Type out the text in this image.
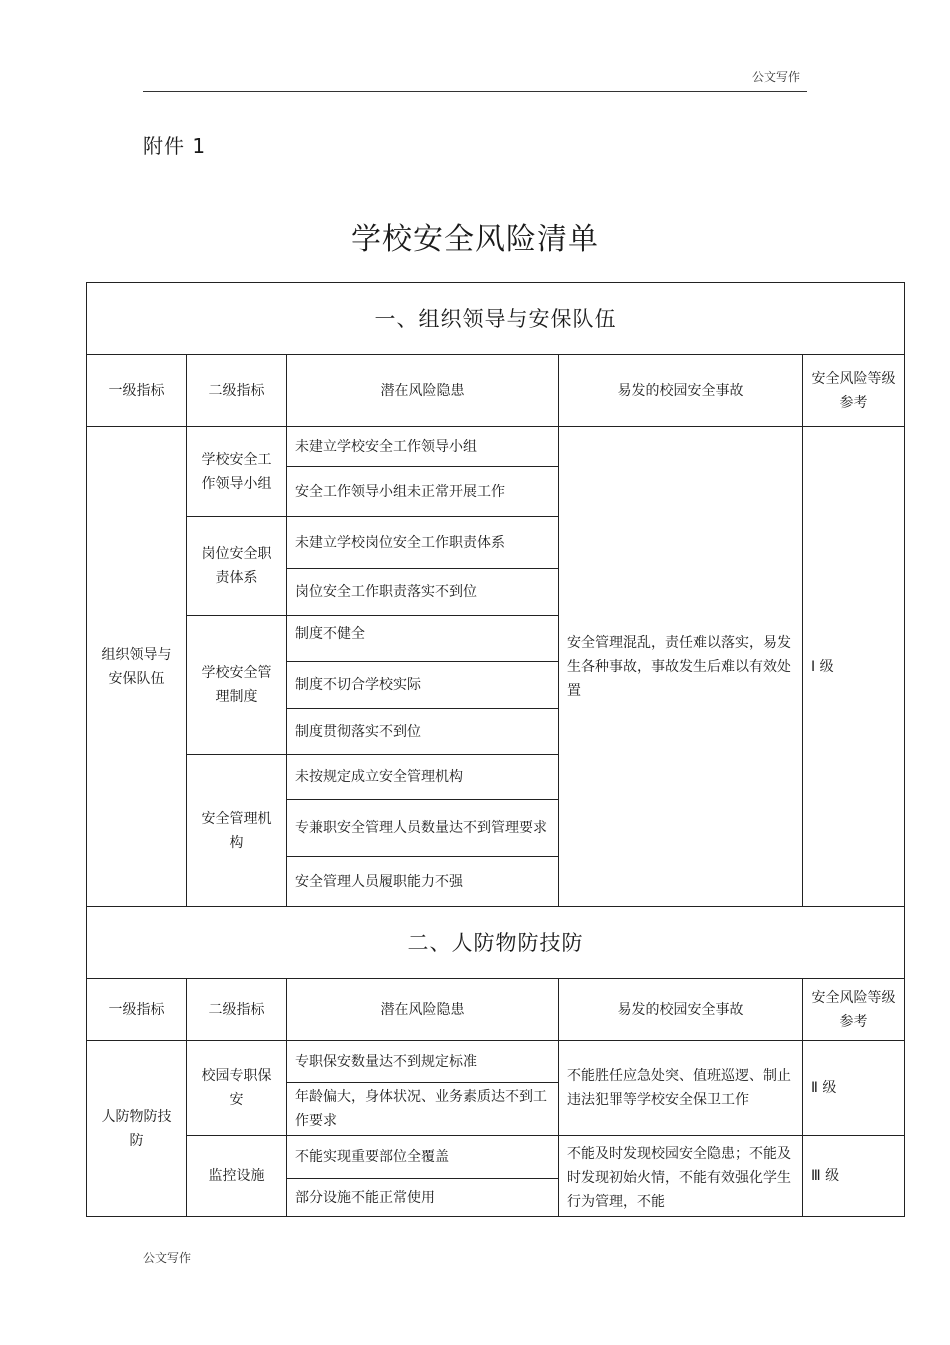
公文写作
附件 1
学校安全风险清单
一、组织领导与安保队伍				
一级指标	二级指标	潜在风险隐患	易发的校园安全事故	安全风险等级参考
组织领导与安保队伍	学校安全工作领导小组	未建立学校安全工作领导小组	安全管理混乱，责任难以落实，易发生各种事故，事故发生后难以有效处置	Ⅰ 级
		安全工作领导小组未正常开展工作		
	岗位安全职责体系	未建立学校岗位安全工作职责体系		
		岗位安全工作职责落实不到位		
	学校安全管理制度	制度不健全		
		制度不切合学校实际		
		制度贯彻落实不到位		
	安全管理机构	未按规定成立安全管理机构		
		专兼职安全管理人员数量达不到管理要求		
		安全管理人员履职能力不强		
二、人防物防技防				
一级指标	二级指标	潜在风险隐患	易发的校园安全事故	安全风险等级参考
人防物防技防	校园专职保安	专职保安数量达不到规定标准	不能胜任应急处突、值班巡逻、制止违法犯罪等学校安全保卫工作	Ⅱ 级
		年龄偏大，身体状况、业务素质达不到工作要求		
	监控设施	不能实现重要部位全覆盖	不能及时发现校园安全隐患；不能及时发现初始火情，不能有效强化学生行为管理，不能	Ⅲ 级
		部分设施不能正常使用		
公文写作
